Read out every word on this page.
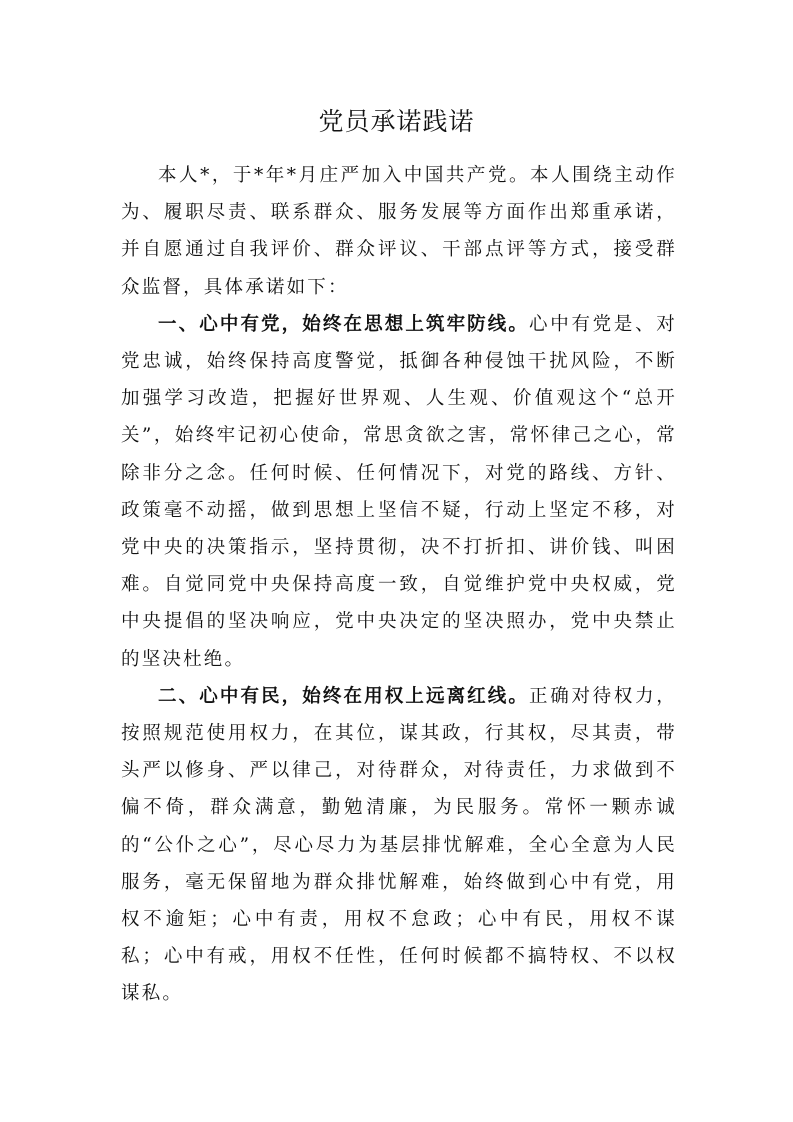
党员承诺践诺

本人*，于*年*月庄严加入中国共产党。本人围绕主动作为、履职尽责、联系群众、服务发展等方面作出郑重承诺，并自愿通过自我评价、群众评议、干部点评等方式，接受群众监督，具体承诺如下：

一、心中有党，始终在思想上筑牢防线。心中有党是、对党忠诚，始终保持高度警觉，抵御各种侵蚀干扰风险，不断加强学习改造，把握好世界观、人生观、价值观这个“总开关”，始终牢记初心使命，常思贪欲之害，常怀律己之心，常除非分之念。任何时候、任何情况下，对党的路线、方针、政策毫不动摇，做到思想上坚信不疑，行动上坚定不移，对党中央的决策指示，坚持贯彻，决不打折扣、讲价钱、叫困难。自觉同党中央保持高度一致，自觉维护党中央权威，党中央提倡的坚决响应，党中央决定的坚决照办，党中央禁止的坚决杜绝。

二、心中有民，始终在用权上远离红线。正确对待权力，按照规范使用权力，在其位，谋其政，行其权，尽其责，带头严以修身、严以律己，对待群众，对待责任，力求做到不偏不倚，群众满意，勤勉清廉，为民服务。常怀一颗赤诚的“公仆之心”，尽心尽力为基层排忧解难，全心全意为人民服务，毫无保留地为群众排忧解难，始终做到心中有党，用权不逾矩；心中有责，用权不怠政；心中有民，用权不谋私；心中有戒，用权不任性，任何时候都不搞特权、不以权谋私。
